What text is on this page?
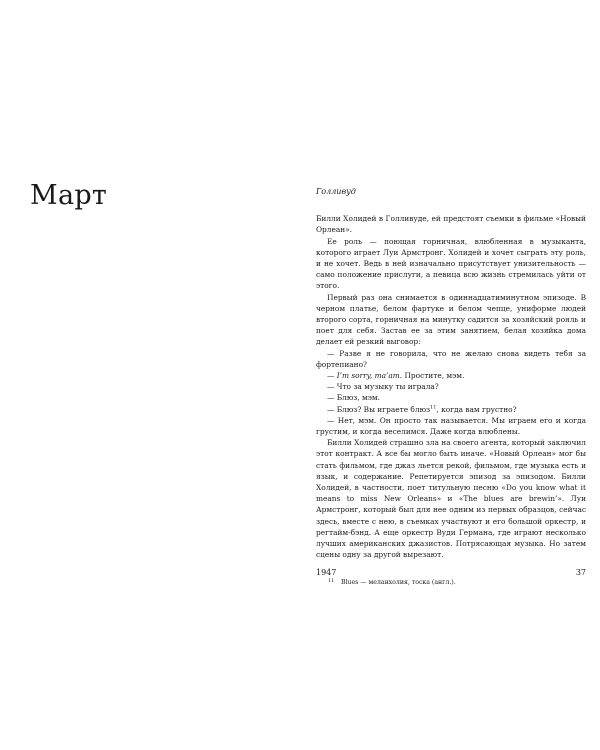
Март	Голливуд

Билли Холидей в Голливуде, ей предстоят съемки в фильме «Новый Орлеан».

Ее роль — поющая горничная, влюбленная в музыканта, которого играет Луи Армстронг. Холидей и хочет сыграть эту роль, и не хочет. Ведь в ней изначально присутствует унизительность — само положение прислуги, а певица всю жизнь стремилась уйти от этого.

Первый раз она снимается в одиннадцатиминутном эпизоде. В черном платье, белом фартуке и белом чепце, униформе людей второго сорта, горничная на минутку садится за хозяйский рояль и поет для себя. Застав ее за этим занятием, белая хозяйка дома делает ей резкий выговор:

— Разве я не говорила, что не желаю снова видеть тебя за фортепиано?

— I’m sorry, ma’am. Простите, мэм.

— Что за музыку ты играла?

— Блюз, мэм.

— Блюз? Вы играете блюз$^{11}$, когда вам грустно?

— Нет, мэм. Он просто так называется. Мы играем его и когда грустим, и когда веселимся. Даже когда влюблены.

Билли Холидей страшно зла на своего агента, который заключил этот контракт. А все бы могло быть иначе. «Новый Орлеан» мог бы стать фильмом, где джаз льется рекой, фильмом, где музыка есть и язык, и содержание. Репетируется эпизод за эпизодом. Билли Холидей, в частности, поет титульную песню «Do you know what it means to miss New Orleans» и «The blues are brewin’». Луи Армстронг, который был для нее одним из первых образцов, сейчас здесь, вместе с нею, в съемках участвуют и его большой оркестр, и регтайм-бэнд. А еще оркестр Вуди Германа, где играют несколько лучших американских джазистов. Потрясающая музыка. Но затем сцены одну за другой вырезают.

11 Blues — меланхолия, тоска (англ.).
1947	37
